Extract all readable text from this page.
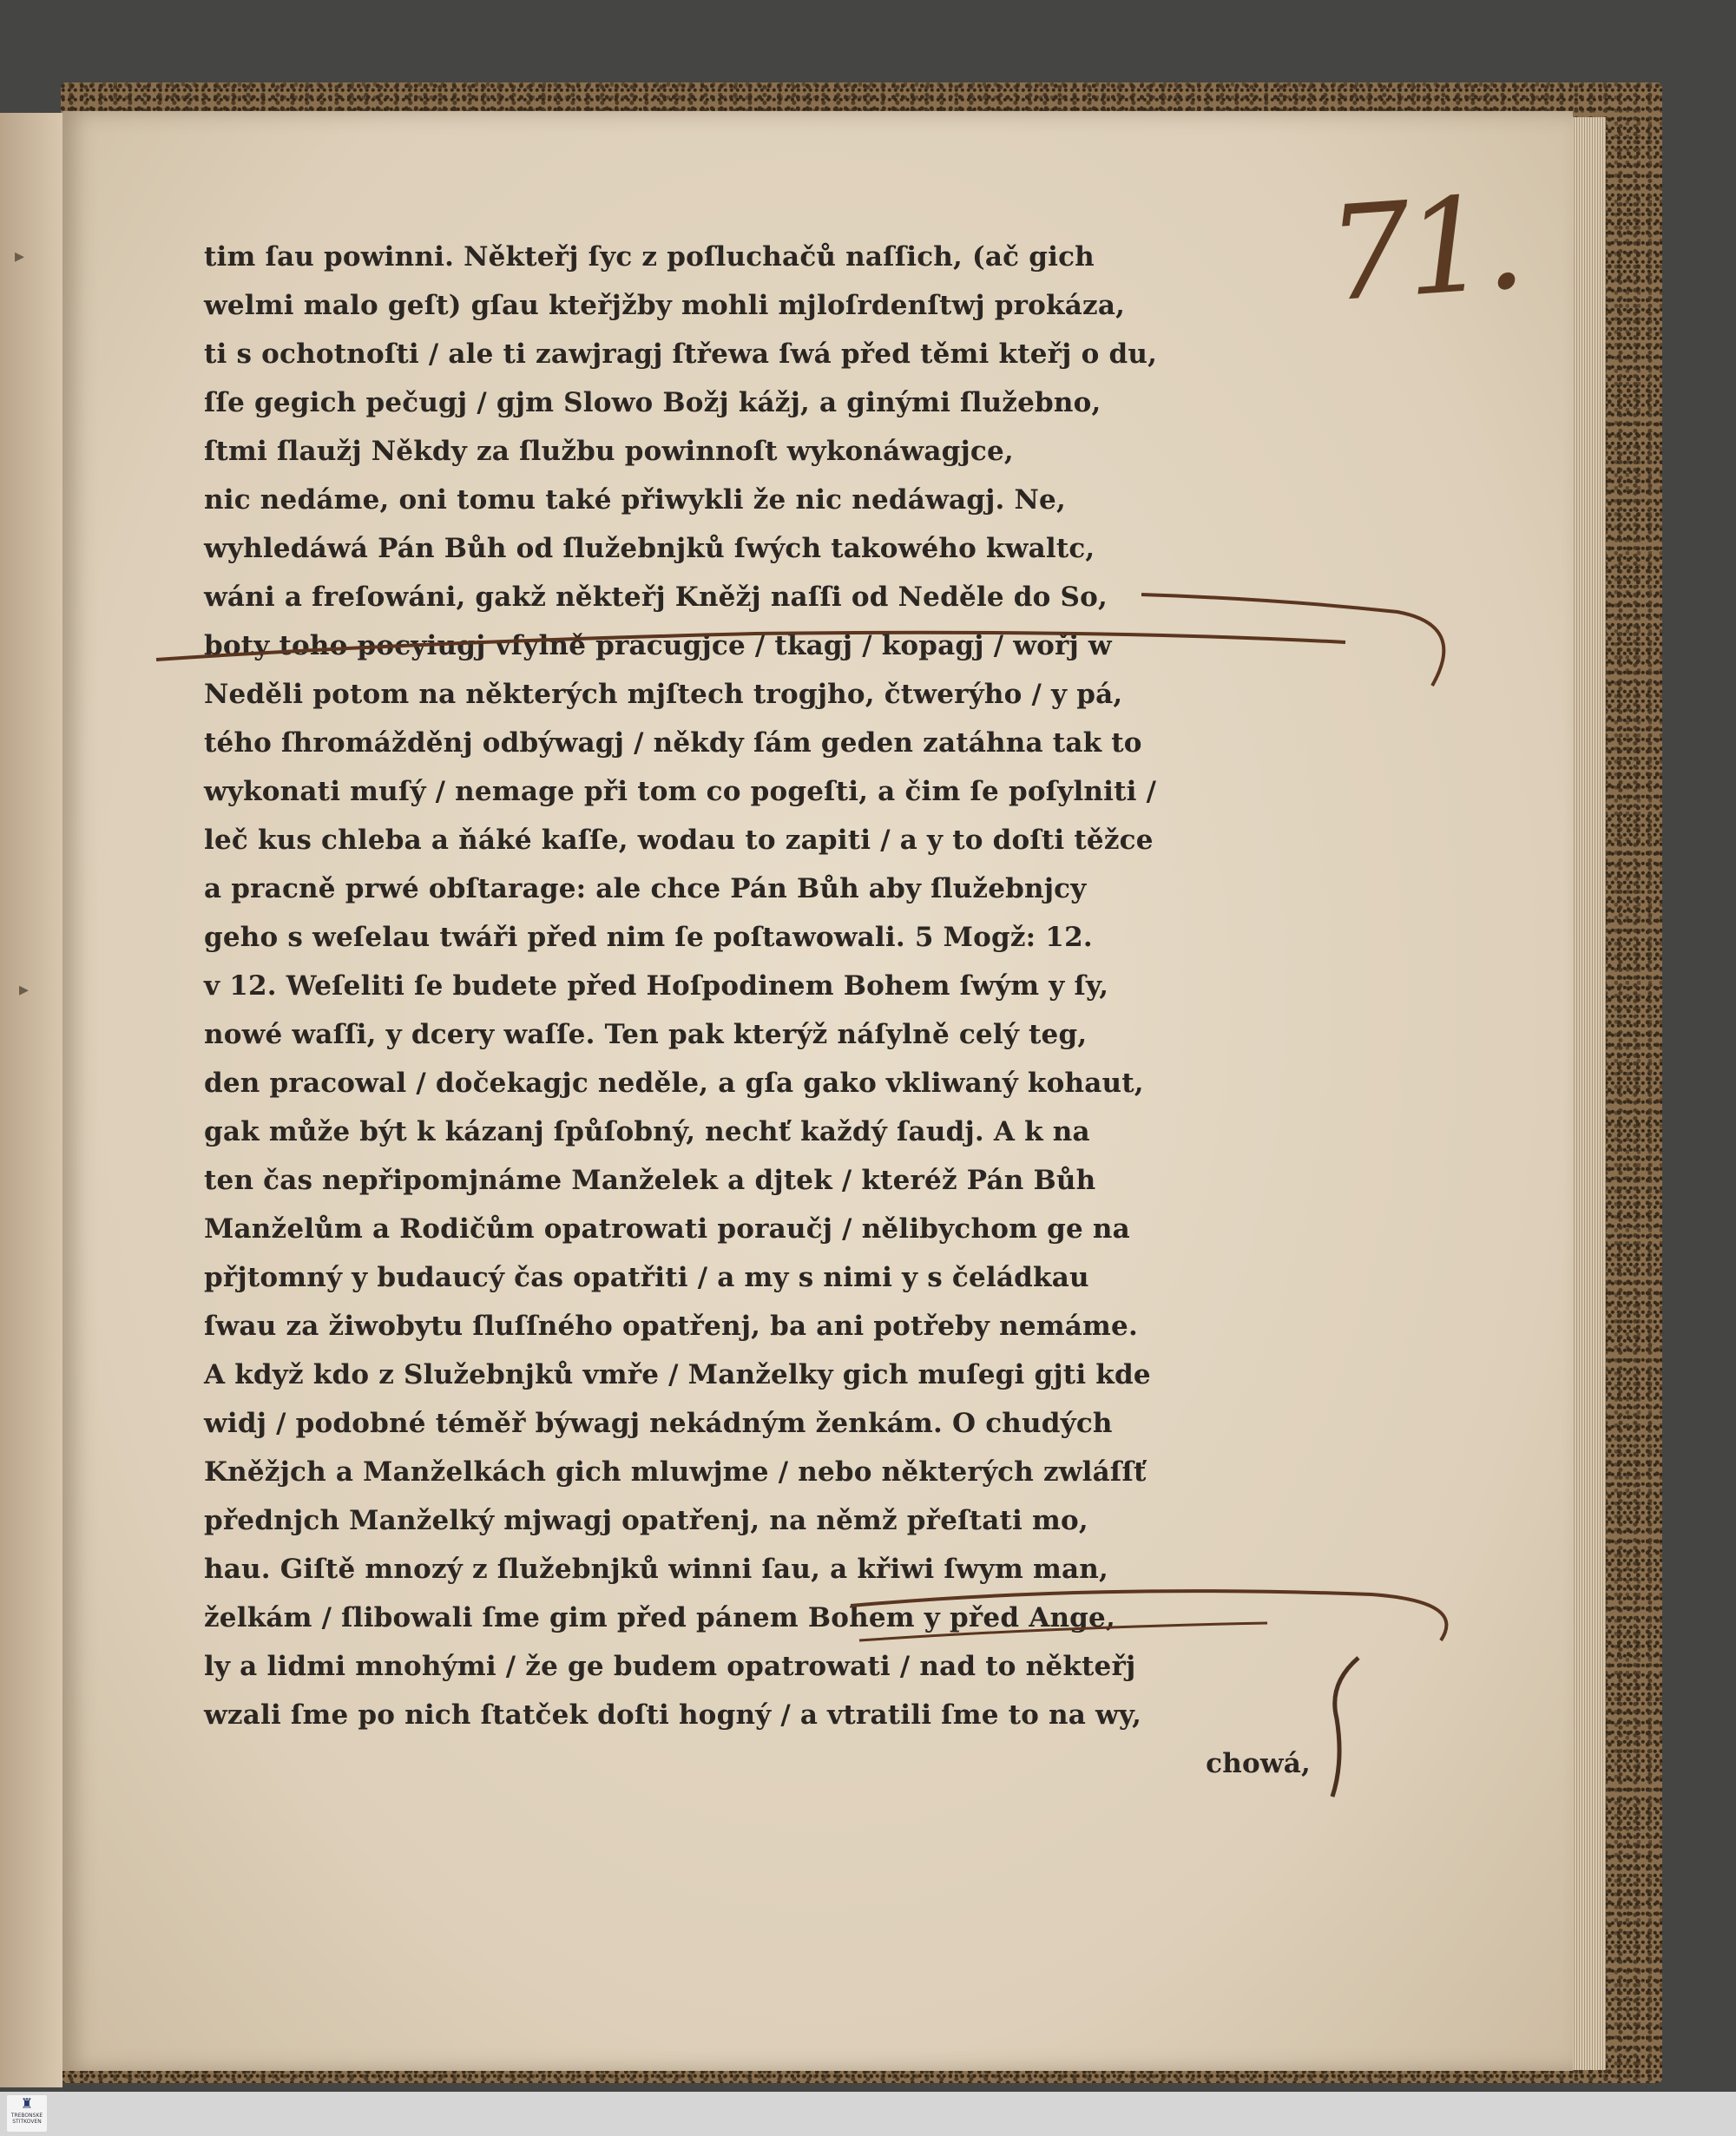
▸
▸
71.
tim ſau powinni. Někteřj ſyc z poſluchačů naſſich, (ač gich
welmi malo geſt) gſau kteřjžby mohli mjloſrdenſtwj prokáza,
ti s ochotnoſti / ale ti zawjragj ſtřewa ſwá před těmi kteřj o du,
ſſe gegich pečugj / gjm Slowo Božj kážj, a ginými ſlužebno,
ſtmi ſlaužj Někdy za ſlužbu powinnoſt wykonáwagjce,
nic nedáme, oni tomu také přiwykli že nic nedáwagj. Ne,
wyhledáwá Pán Bůh od ſlužebnjků ſwých takowého kwaltc,
wáni a freſowáni, gakž někteřj Kněžj naſſi od Neděle do So,
boty toho pocyiugj vſylně pracugjce / tkagj / kopagj / wořj w
Neděli potom na některých mjſtech trogjho, čtwerýho / y pá,
tého ſhromážděnj odbýwagj / někdy ſám geden zatáhna tak to
wykonati muſý / nemage při tom co pogeſti, a čim ſe poſylniti /
leč kus chleba a ňáké kaſſe, wodau to zapiti / a y to doſti těžce
a pracně prwé obſtarage: ale chce Pán Bůh aby ſlužebnjcy
geho s weſelau twáři před nim ſe poſtawowali. 5 Mogž: 12.
v 12. Weſeliti ſe budete před Hoſpodinem Bohem ſwým y ſy,
nowé waſſi, y dcery waſſe. Ten pak kterýž náſylně celý teg,
den pracowal / dočekagjc neděle, a gſa gako vkliwaný kohaut,
gak může být k kázanj ſpůſobný, nechť každý ſaudj. A k na
ten čas nepřipomjnáme Manželek a djtek / kteréž Pán Bůh
Manželům a Rodičům opatrowati poraučj / nělibychom ge na
přjtomný y budaucý čas opatřiti / a my s nimi y s čeládkau
ſwau za žiwobytu ſluſſného opatřenj, ba ani potřeby nemáme.
A když kdo z Služebnjků vmře / Manželky gich muſegi gjti kde
widj / podobné téměř býwagj nekádným ženkám. O chudých
Kněžjch a Manželkách gich mluwjme / nebo některých zwláſſť
přednjch Manželký mjwagj opatřenj, na němž přeſtati mo,
hau. Giſtě mnozý z ſlužebnjků winni ſau, a křiwi ſwym man,
želkám / ſlibowali ſme gim před pánem Bohem y před Ange,
ly a lidmi mnohými / že ge budem opatrowati / nad to někteřj
wzali ſme po nich ſtatček doſti hogný / a vtratili ſme to na wy,
chowá,
♜
TREBONSKE STITKOVEN
